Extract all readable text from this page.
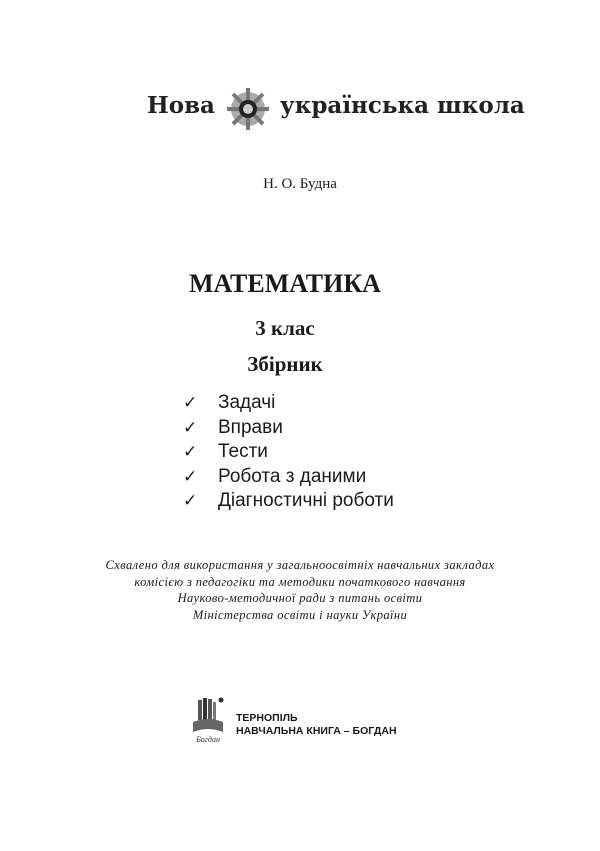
Нова	українська школа
Н. О. Будна
МАТЕМАТИКА
3 клас
Збірник
✓	Задачі
✓	Вправи
✓	Тести
✓	Робота з даними
✓	Діагностичні роботи
Схвалено для використання у загальноосвітніх навчальних закладах
комісією з педагогіки та методики початкового навчання
Науково-методичної ради з питань освіти
Міністерства освіти і науки України
Богдан
ТЕРНОПІЛЬ
НАВЧАЛЬНА КНИГА – БОГДАН
